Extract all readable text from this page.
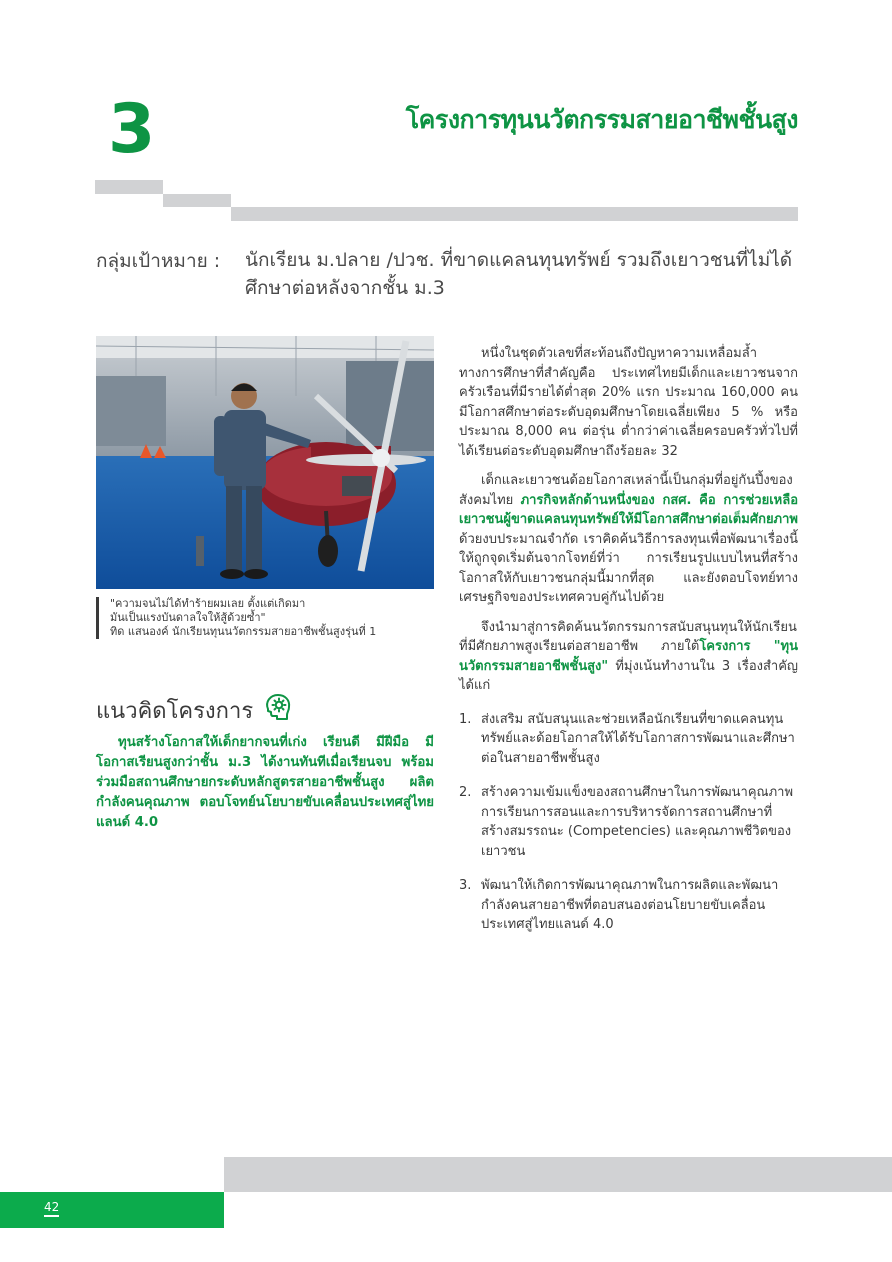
3	โครงการทุนนวัตกรรมสายอาชีพชั้นสูง
กลุ่มเป้าหมาย : นักเรียน ม.ปลาย /ปวช. ที่ขาดแคลนทุนทรัพย์ รวมถึงเยาวชนที่ไม่ได้ศึกษาต่อหลังจากชั้น ม.3
"ความจนไม่ได้ทำร้ายผมเลย ตั้งแต่เกิดมา
มันเป็นแรงบันดาลใจให้สู้ด้วยซ้ำ"
ทิด แสนองค์ นักเรียนทุนนวัตกรรมสายอาชีพชั้นสูงรุ่นที่ 1
แนวคิดโครงการ
ทุนสร้างโอกาสให้เด็กยากจนที่เก่ง เรียนดี มีฝีมือ มีโอกาสเรียนสูงกว่าชั้น ม.3 ได้งานทันทีเมื่อเรียนจบ พร้อมร่วมมือสถานศึกษายกระดับหลักสูตรสายอาชีพชั้นสูง ผลิตกำลังคนคุณภาพ ตอบโจทย์นโยบายขับเคลื่อนประเทศสู่ไทยแลนด์ 4.0

หนึ่งในชุดตัวเลขที่สะท้อนถึงปัญหาความเหลื่อมล้ำทางการศึกษาที่สำคัญคือ ประเทศไทยมีเด็กและเยาวชนจากครัวเรือนที่มีรายได้ต่ำสุด 20% แรก ประมาณ 160,000 คน มีโอกาสศึกษาต่อระดับอุดมศึกษาโดยเฉลี่ยเพียง 5 % หรือประมาณ 8,000 คน ต่อรุ่น ต่ำกว่าค่าเฉลี่ยครอบครัวทั่วไปที่ได้เรียนต่อระดับอุดมศึกษาถึงร้อยละ 32

เด็กและเยาวชนด้อยโอกาสเหล่านี้เป็นกลุ่มที่อยู่กันปึ้งของสังคมไทย ภารกิจหลักด้านหนึ่งของ กสศ. คือ การช่วยเหลือเยาวชนผู้ขาดแคลนทุนทรัพย์ให้มีโอกาสศึกษาต่อเต็มศักยภาพ ด้วยงบประมาณจำกัด เราคิดค้นวิธีการลงทุนเพื่อพัฒนาเรื่องนี้ให้ถูกจุดเริ่มต้นจากโจทย์ที่ว่า การเรียนรูปแบบไหนที่สร้างโอกาสให้กับเยาวชนกลุ่มนี้มากที่สุด และยังตอบโจทย์ทางเศรษฐกิจของประเทศควบคู่กันไปด้วย

จึงนำมาสู่การคิดค้นนวัตกรรมการสนับสนุนทุนให้นักเรียนที่มีศักยภาพสูงเรียนต่อสายอาชีพ ภายใต้โครงการ "ทุนนวัตกรรมสายอาชีพชั้นสูง" ที่มุ่งเน้นทำงานใน 3 เรื่องสำคัญ ได้แก่

1. ส่งเสริม สนับสนุนและช่วยเหลือนักเรียนที่ขาดแคลนทุนทรัพย์และด้อยโอกาสให้ได้รับโอกาสการพัฒนาและศึกษาต่อในสายอาชีพชั้นสูง
2. สร้างความเข้มแข็งของสถานศึกษาในการพัฒนาคุณภาพการเรียนการสอนและการบริหารจัดการสถานศึกษาที่สร้างสมรรถนะ (Competencies) และคุณภาพชีวิตของเยาวชน
3. พัฒนาให้เกิดการพัฒนาคุณภาพในการผลิตและพัฒนากำลังคนสายอาชีพที่ตอบสนองต่อนโยบายขับเคลื่อนประเทศสู่ไทยแลนด์ 4.0
42
